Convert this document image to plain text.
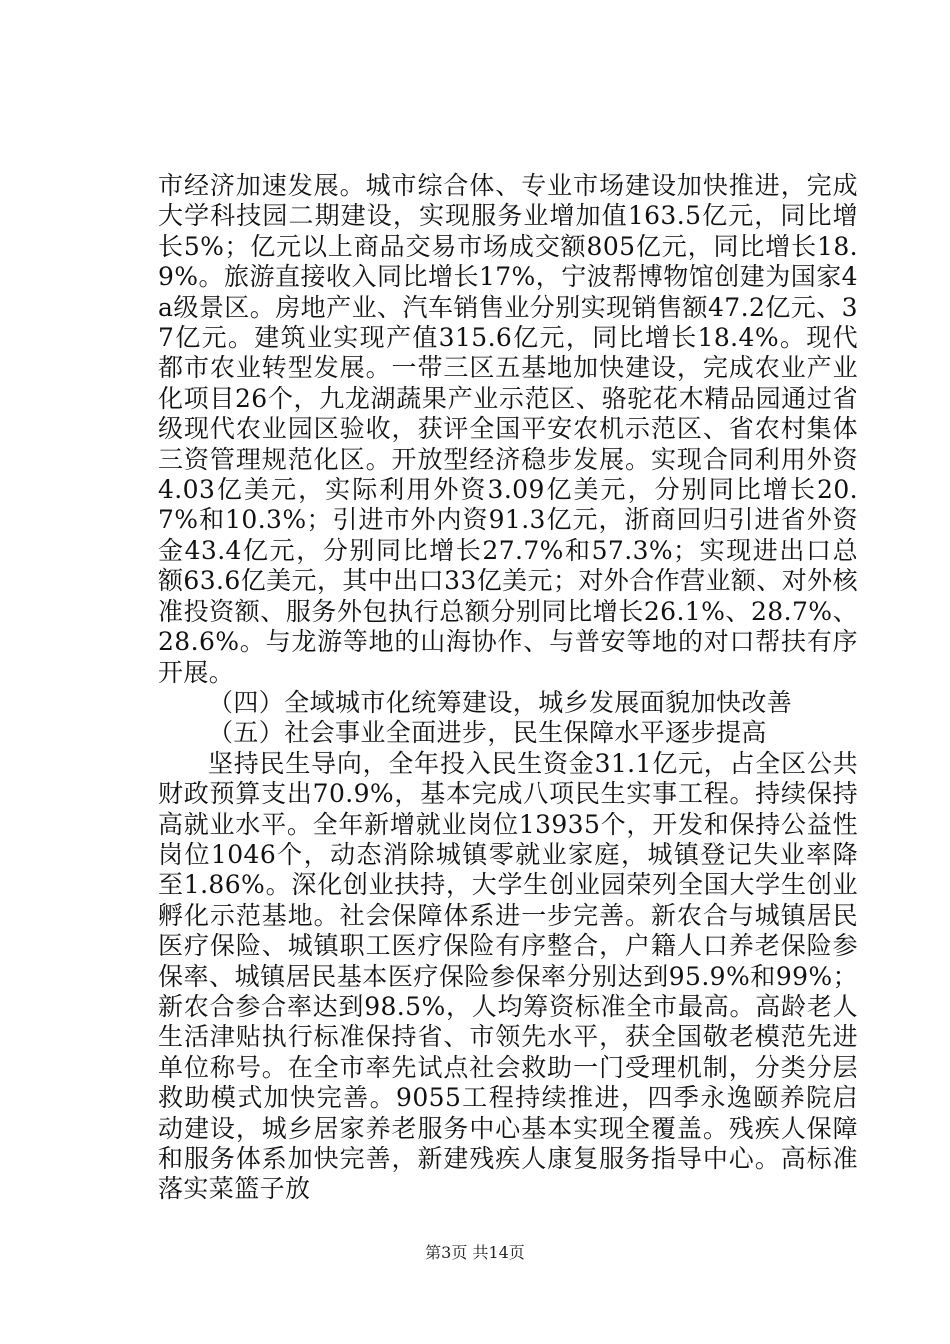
市经济加速发展。城市综合体、专业市场建设加快推进，完成大学科技园二期建设，实现服务业增加值163.5亿元，同比增长5%；亿元以上商品交易市场成交额805亿元，同比增长18.9%。旅游直接收入同比增长17%，宁波帮博物馆创建为国家4a级景区。房地产业、汽车销售业分别实现销售额47.2亿元、37亿元。建筑业实现产值315.6亿元，同比增长18.4%。现代都市农业转型发展。一带三区五基地加快建设，完成农业产业化项目26个，九龙湖蔬果产业示范区、骆驼花木精品园通过省级现代农业园区验收，获评全国平安农机示范区、省农村集体三资管理规范化区。开放型经济稳步发展。实现合同利用外资4.03亿美元，实际利用外资3.09亿美元，分别同比增长20.7%和10.3%；引进市外内资91.3亿元，浙商回归引进省外资金43.4亿元，分别同比增长27.7%和57.3%；实现进出口总额63.6亿美元，其中出口33亿美元；对外合作营业额、对外核准投资额、服务外包执行总额分别同比增长26.1%、28.7%、28.6%。与龙游等地的山海协作、与普安等地的对口帮扶有序开展。

（四）全域城市化统筹建设，城乡发展面貌加快改善

（五）社会事业全面进步，民生保障水平逐步提高

坚持民生导向，全年投入民生资金31.1亿元，占全区公共财政预算支出70.9%，基本完成八项民生实事工程。持续保持高就业水平。全年新增就业岗位13935个，开发和保持公益性岗位1046个，动态消除城镇零就业家庭，城镇登记失业率降至1.86%。深化创业扶持，大学生创业园荣列全国大学生创业孵化示范基地。社会保障体系进一步完善。新农合与城镇居民医疗保险、城镇职工医疗保险有序整合，户籍人口养老保险参保率、城镇居民基本医疗保险参保率分别达到95.9%和99%；新农合参合率达到98.5%，人均筹资标准全市最高。高龄老人生活津贴执行标准保持省、市领先水平，获全国敬老模范先进单位称号。在全市率先试点社会救助一门受理机制，分类分层救助模式加快完善。9055工程持续推进，四季永逸颐养院启动建设，城乡居家养老服务中心基本实现全覆盖。残疾人保障和服务体系加快完善，新建残疾人康复服务指导中心。高标准落实菜篮子放

第3页 共14页
